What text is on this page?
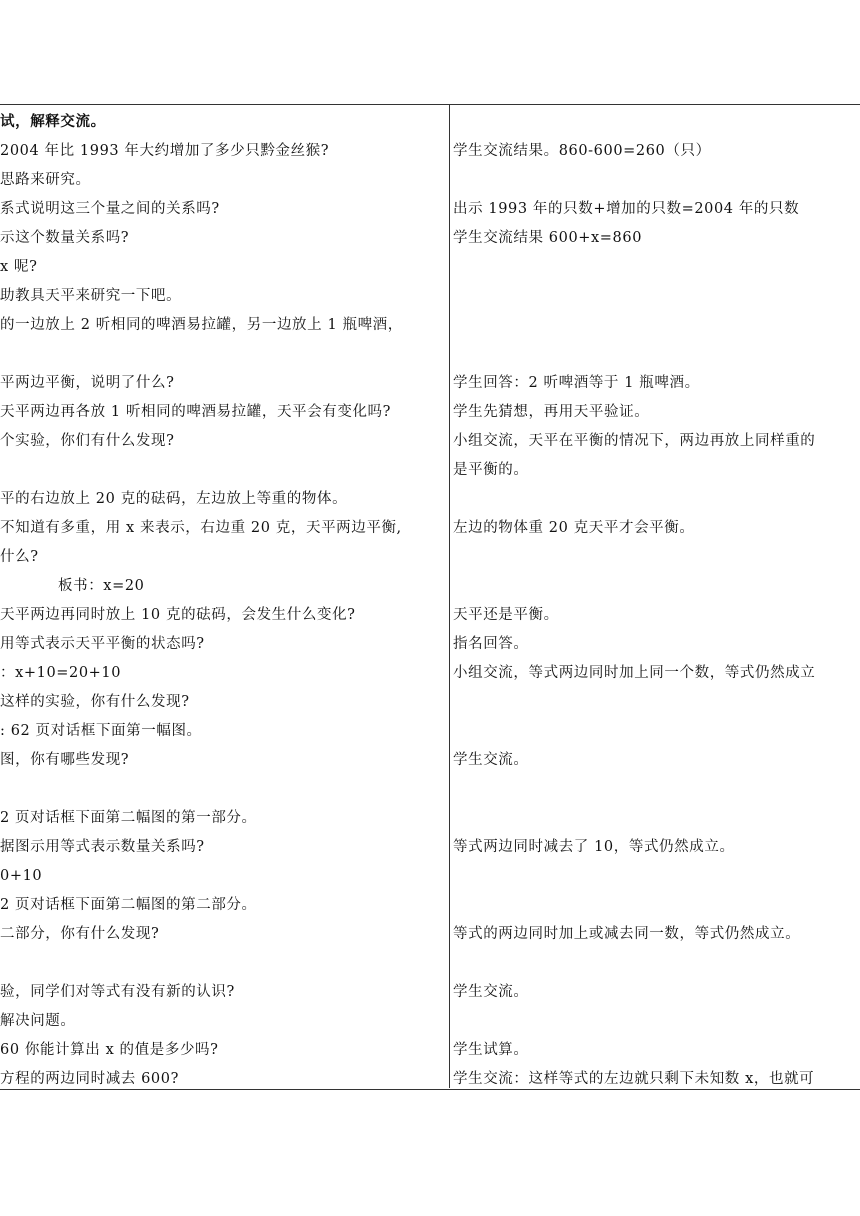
试，解释交流。
2004 年比 1993 年大约增加了多少只黔金丝猴?
思路来研究。
系式说明这三个量之间的关系吗?
示这个数量关系吗?
x 呢?
助教具天平来研究一下吧。
的一边放上 2 听相同的啤酒易拉罐，另一边放上 1 瓶啤酒，
平两边平衡，说明了什么?
天平两边再各放 1 听相同的啤酒易拉罐，天平会有变化吗?
个实验，你们有什么发现?
平的右边放上 20 克的砝码，左边放上等重的物体。
不知道有多重，用 x 来表示，右边重 20 克，天平两边平衡,
什么?
板书：x=20
天平两边再同时放上 10 克的砝码，会发生什么变化?
用等式表示天平平衡的状态吗?
：x+10=20+10
这样的实验，你有什么发现?
: 62 页对话框下面第一幅图。
图，你有哪些发现?
2 页对话框下面第二幅图的第一部分。
据图示用等式表示数量关系吗?
0+10
2 页对话框下面第二幅图的第二部分。
二部分，你有什么发现?
验，同学们对等式有没有新的认识?
解决问题。
60 你能计算出 x 的值是多少吗?
方程的两边同时减去 600?
学生交流结果。860-600=260（只）
出示 1993 年的只数+增加的只数=2004 年的只数
学生交流结果 600+x=860
学生回答：2 听啤酒等于 1 瓶啤酒。
学生先猜想，再用天平验证。
小组交流，天平在平衡的情况下，两边再放上同样重的
是平衡的。
左边的物体重 20 克天平才会平衡。
天平还是平衡。
指名回答。
小组交流，等式两边同时加上同一个数，等式仍然成立
学生交流。
等式两边同时减去了 10，等式仍然成立。
等式的两边同时加上或减去同一数，等式仍然成立。
学生交流。
学生试算。
学生交流：这样等式的左边就只剩下未知数 x，也就可
